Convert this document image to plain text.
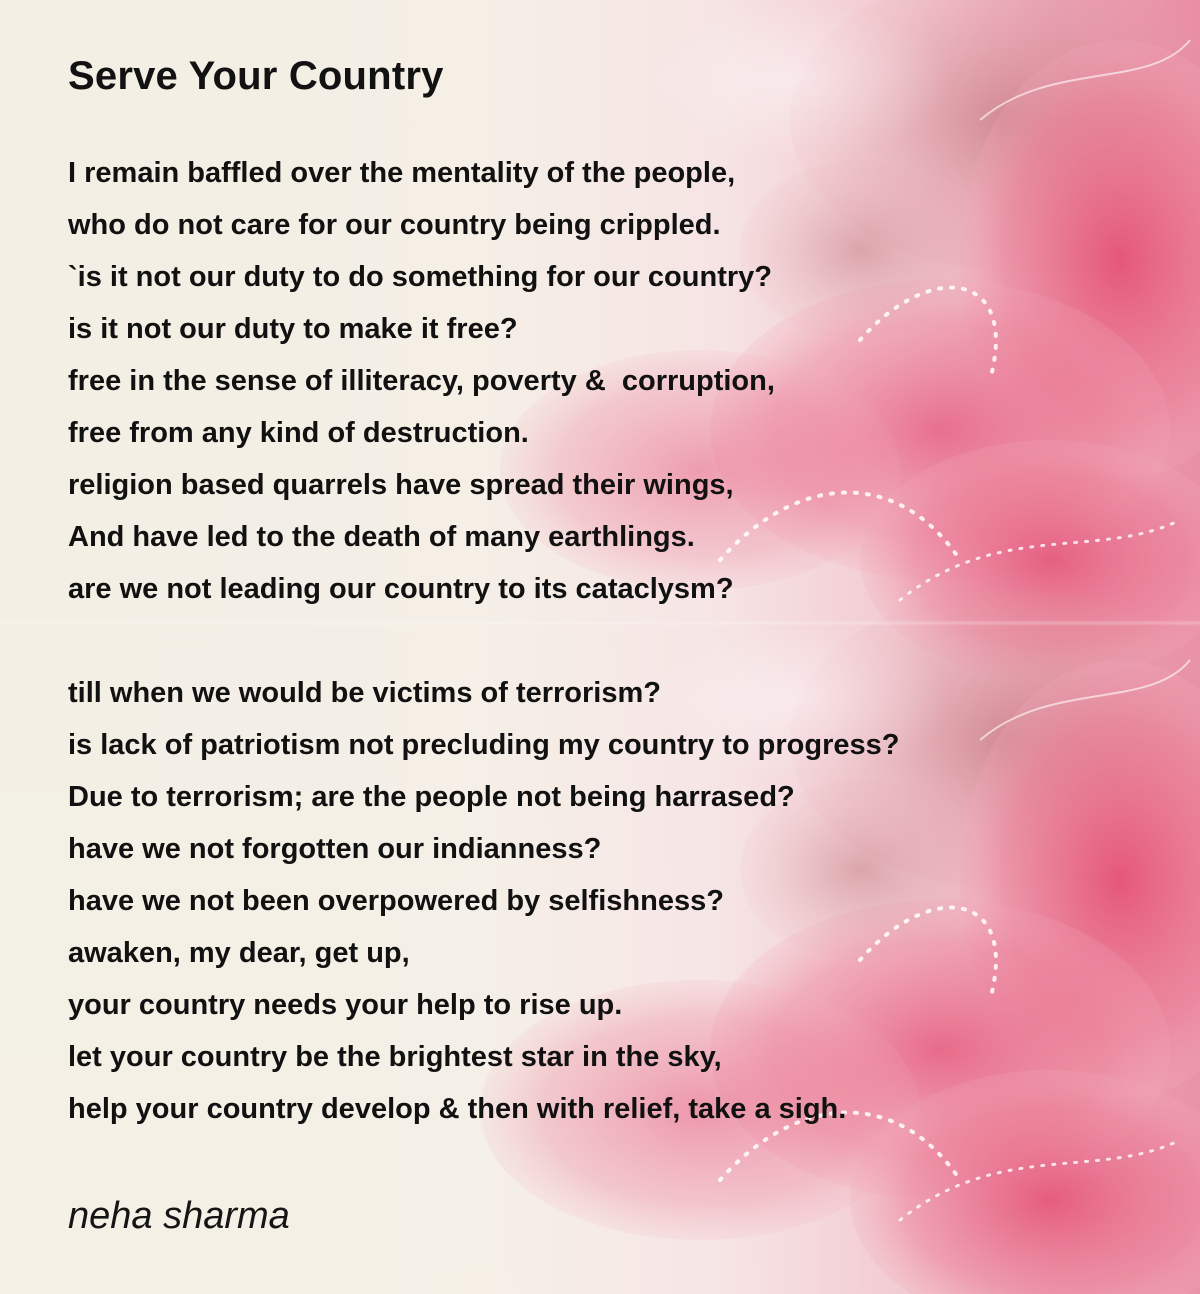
Serve Your Country
I remain baffled over the mentality of the people,
who do not care for our country being crippled.
`is it not our duty to do something for our country?
is it not our duty to make it free?
free in the sense of illiteracy, poverty &  corruption,
free from any kind of destruction.
religion based quarrels have spread their wings,
And have led to the death of many earthlings.
are we not leading our country to its cataclysm?
till when we would be victims of terrorism?
is lack of patriotism not precluding my country to progress?
Due to terrorism; are the people not being harrased?
have we not forgotten our indianness?
have we not been overpowered by selfishness?
awaken, my dear, get up,
your country needs your help to rise up.
let your country be the brightest star in the sky,
help your country develop & then with relief, take a sigh.
neha sharma
